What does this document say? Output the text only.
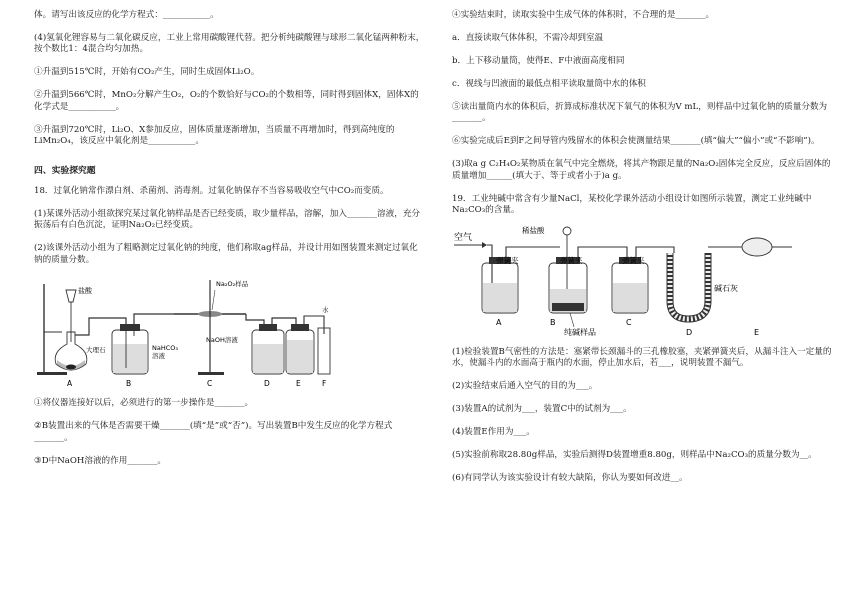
体。请写出该反应的化学方程式：___________。

(4)氢氧化锂容易与二氧化碳反应，工业上常用碳酸锂代替。把分析纯碳酸锂与球形二氧化锰两种粉末，按个数比1：4混合均匀加热。

①升温到515℃时，开始有CO₂产生，同时生成固体Li₂O。

②升温到566℃时，MnO₂分解产生O₂，O₂的个数恰好与CO₂的个数相等，同时得到固体X，固体X的化学式是___________。

③升温到720℃时，Li₂O、X参加反应，固体质量逐渐增加，当质量不再增加时，得到高纯度的LiMn₂O₄，该反应中氧化剂是___________。

四、实验探究题

18．过氧化钠常作漂白剂、杀菌剂、消毒剂。过氧化钠保存不当容易吸收空气中CO₂而变质。

(1)某课外活动小组欲探究某过氧化钠样品是否已经变质，取少量样品，溶解，加入_______溶液，充分振荡后有白色沉淀，证明Na₂O₂已经变质。

(2)该课外活动小组为了粗略测定过氧化钠的纯度，他们称取ag样品，并设计用如图装置来测定过氧化钠的质量分数。

盐酸
大理石	NaHCO₃
溶液
Na₂O₂样品
NaOH溶液
水
A	B	C	D	E	F

①将仪器连接好以后，必须进行的第一步操作是_______。

②B装置出来的气体是否需要干燥_______(填“是”或“否”)。写出装置B中发生反应的化学方程式_______。

③D中NaOH溶液的作用_______。

④实验结束时，读取实验中生成气体的体积时，不合理的是_______。

a．直接读取气体体积，不需冷却到室温

b．上下移动量筒，使得E、F中液面高度相同

c．视线与凹液面的最低点相平读取量筒中水的体积

⑤读出量筒内水的体积后，折算成标准状况下氧气的体积为V mL，则样品中过氧化钠的质量分数为_______。

⑥实验完成后E到F之间导管内残留水的体积会使测量结果_______(填“偏大”“偏小”或“不影响”)。

(3)取a g C₂H₄O₂某物质在氧气中完全燃烧，将其产物跟足量的Na₂O₂固体完全反应，反应后固体的质量增加______(填大于、等于或者小于)a g。

19．工业纯碱中常含有少量NaCl，某校化学课外活动小组设计如图所示装置，测定工业纯碱中Na₂CO₃的含量。

空气
弹簧夹
稀盐酸
弹簧夹
纯碱样品
弹簧夹
碱石灰
A	B	C
D	E

(1)检验装置B气密性的方法是：塞紧带长颈漏斗的三孔橡胶塞，夹紧弹簧夹后，从漏斗注入一定量的水，使漏斗内的水面高于瓶内的水面，停止加水后，若___，说明装置不漏气。

(2)实验结束后通入空气的目的为___。

(3)装置A的试剂为___，装置C中的试剂为___。

(4)装置E作用为___。

(5)实验前称取28.80g样品，实验后测得D装置增重8.80g，则样品中Na₂CO₃的质量分数为__。

(6)有同学认为该实验设计有较大缺陷，你认为要如何改进__。
